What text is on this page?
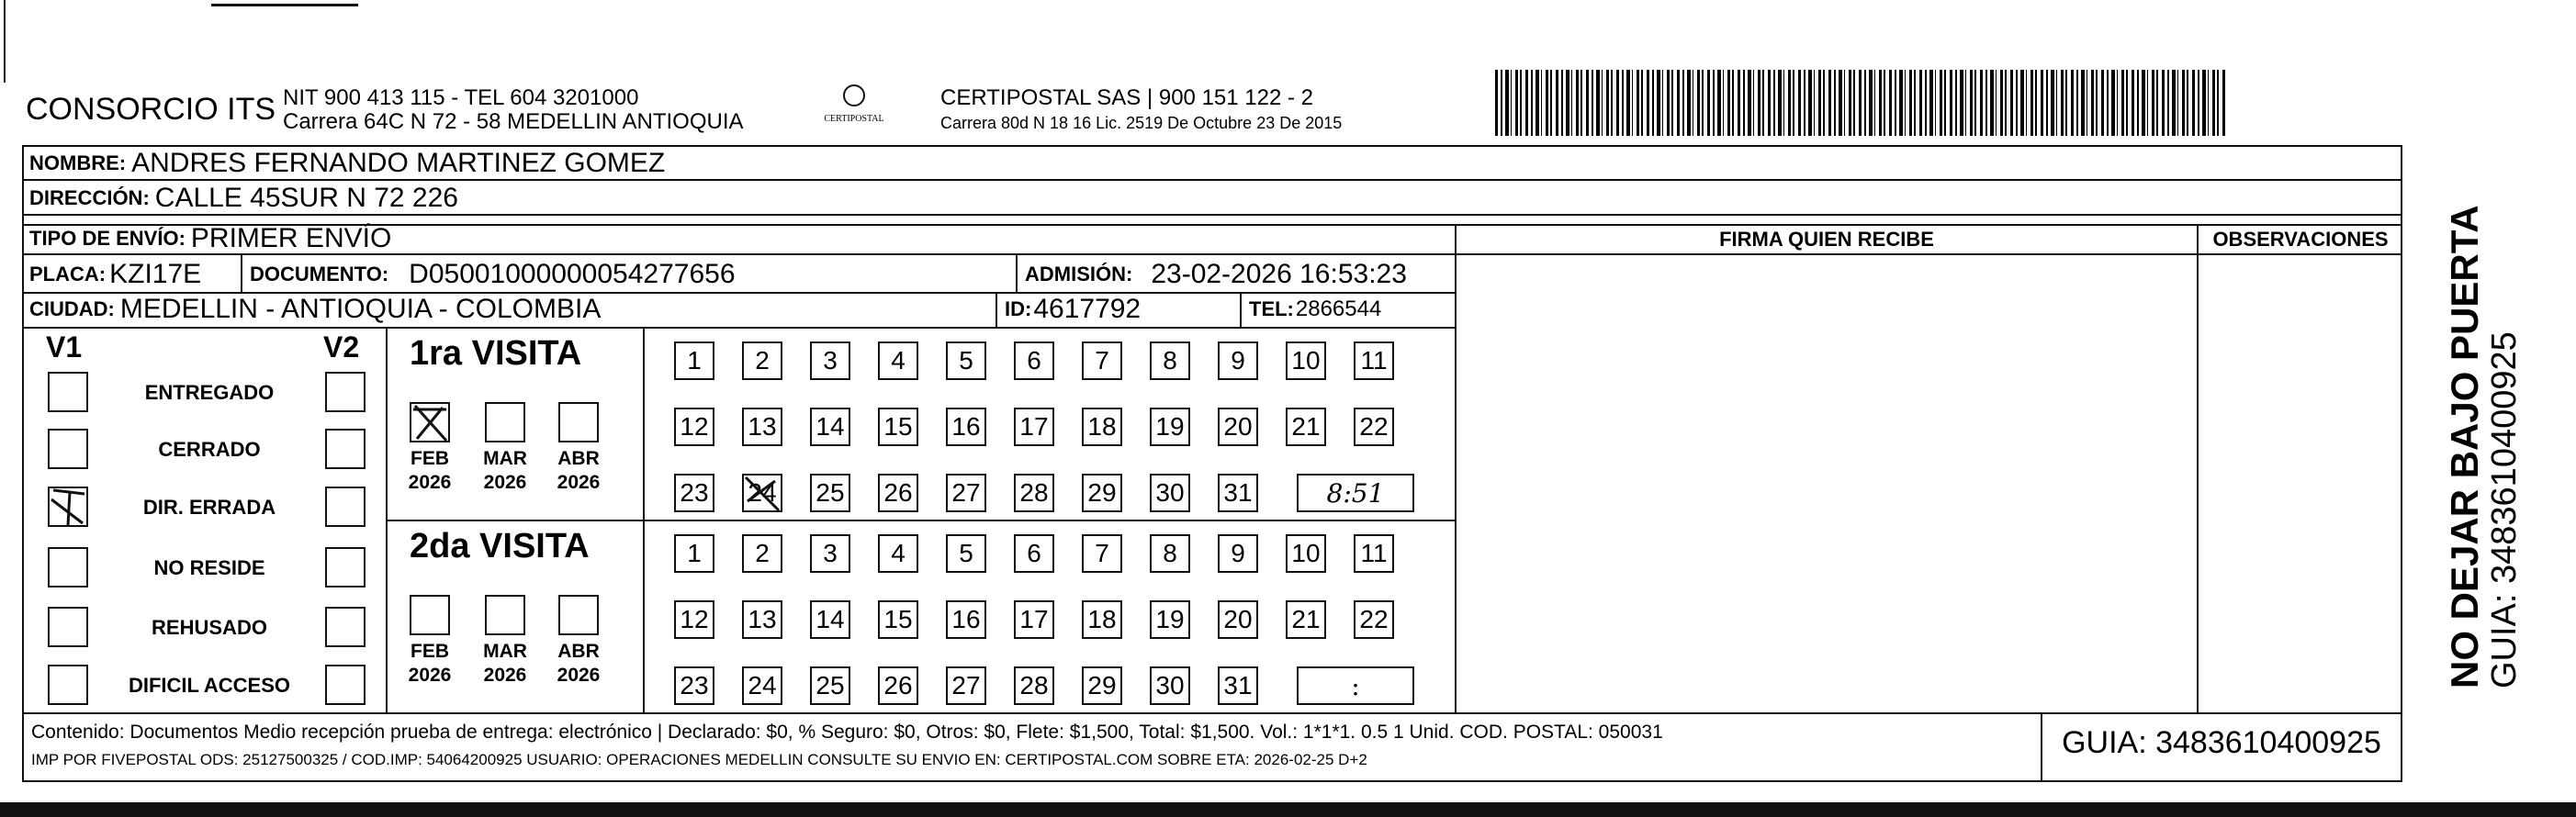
CONSORCIO ITS NIT 900 413 115 - TEL 604 3201000
Carrera 64C N 72 - 58 MEDELLIN ANTIOQUIA	CERTIPOSTAL
CERTIPOSTAL SAS | 900 151 122 - 2
Carrera 80d N 18 16 Lic. 2519 De Octubre 23 De 2015
NOMBRE: ANDRES FERNANDO MARTINEZ GOMEZ
DIRECCIÓN: CALLE 45SUR N 72 226
TIPO DE ENVÍO: PRIMER ENVÍO
PLACA: KZI17E DOCUMENTO: D05001000000054277656	ADMISIÓN: 23-02-2026 16:53:23
CIUDAD: MEDELLIN - ANTIOQUIA - COLOMBIA	ID: 4617792	TEL: 2866544
FIRMA QUIEN RECIBE	OBSERVACIONES
V1	V2
ENTREGADO
CERRADO
DIR. ERRADA
NO RESIDE
REHUSADO
DIFICIL ACCESO
1ra VISITA
FEB
2026
MAR
2026
ABR
2026
1	2	3	4	5	6	7	8	9	10 11
12 13 14 15 16 17 18 19 20 21 22
23 24 25 26 27 28 29 30 31	8:51
2da VISITA
FEB
2026
MAR
2026
ABR
2026
1	2	3	4	5	6	7	8	9	10 11
12 13 14 15 16 17 18 19 20 21 22
23 24 25 26 27 28 29 30 31	:	NO DEJAR BAJO PUERTA GUIA: 3483610400925
Contenido: Documentos Medio recepción prueba de entrega: electrónico | Declarado: $0, % Seguro: $0, Otros: $0, Flete: $1,500, Total: $1,500. Vol.: 1*1*1. 0.5 1 Unid. COD. POSTAL: 050031
IMP POR FIVEPOSTAL ODS: 25127500325 / COD.IMP: 54064200925 USUARIO: OPERACIONES MEDELLIN CONSULTE SU ENVIO EN: CERTIPOSTAL.COM SOBRE ETA: 2026-02-25 D+2	GUIA: 3483610400925
